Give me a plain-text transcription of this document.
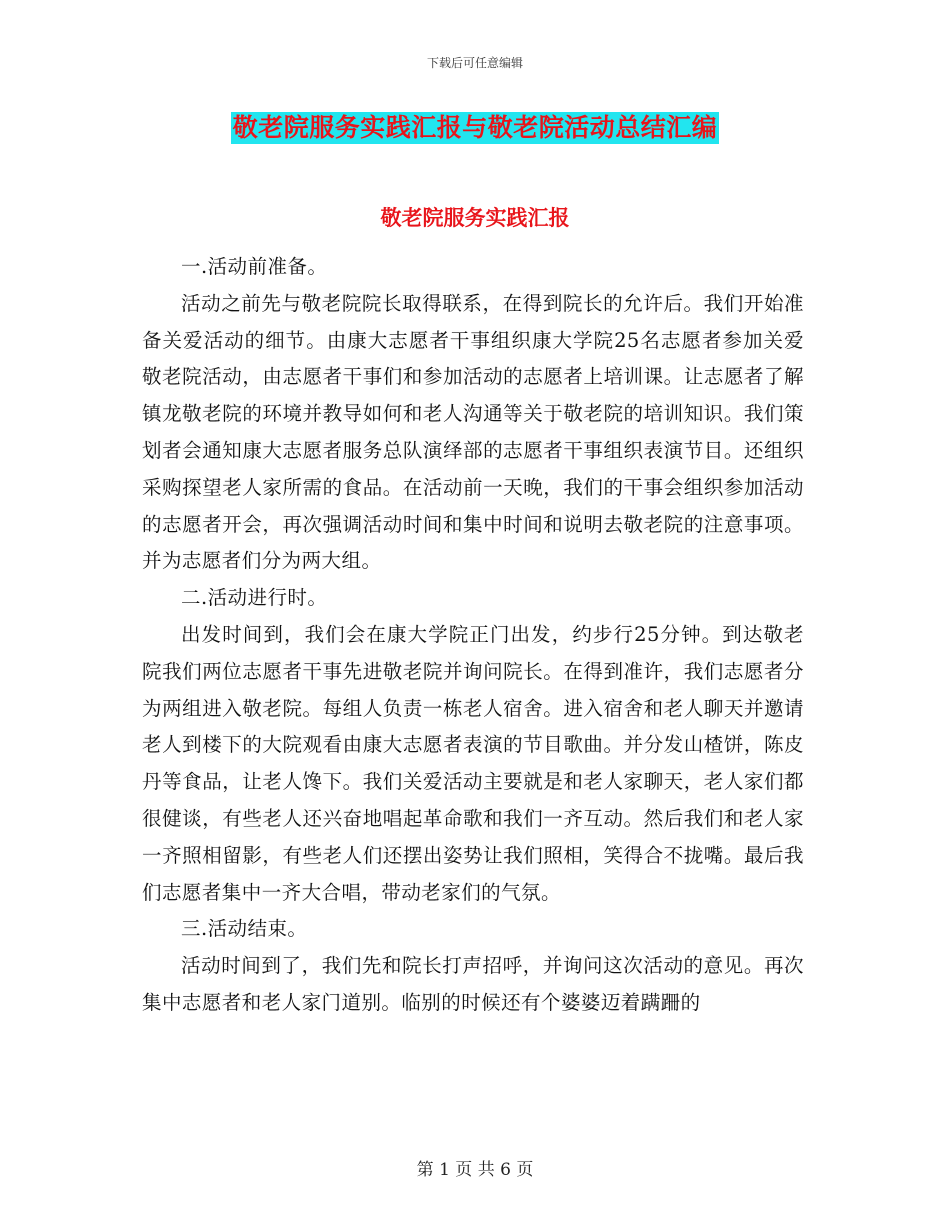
下载后可任意编辑
敬老院服务实践汇报与敬老院活动总结汇编
敬老院服务实践汇报

一.活动前准备。

活动之前先与敬老院院长取得联系，在得到院长的允许后。我们开始准备关爱活动的细节。由康大志愿者干事组织康大学院25名志愿者参加关爱敬老院活动，由志愿者干事们和参加活动的志愿者上培训课。让志愿者了解镇龙敬老院的环境并教导如何和老人沟通等关于敬老院的培训知识。我们策划者会通知康大志愿者服务总队演绎部的志愿者干事组织表演节目。还组织采购探望老人家所需的食品。在活动前一天晚，我们的干事会组织参加活动的志愿者开会，再次强调活动时间和集中时间和说明去敬老院的注意事项。并为志愿者们分为两大组。

二.活动进行时。

出发时间到，我们会在康大学院正门出发，约步行25分钟。到达敬老院我们两位志愿者干事先进敬老院并询问院长。在得到准许，我们志愿者分为两组进入敬老院。每组人负责一栋老人宿舍。进入宿舍和老人聊天并邀请老人到楼下的大院观看由康大志愿者表演的节目歌曲。并分发山楂饼，陈皮丹等食品，让老人馋下。我们关爱活动主要就是和老人家聊天，老人家们都很健谈，有些老人还兴奋地唱起革命歌和我们一齐互动。然后我们和老人家一齐照相留影，有些老人们还摆出姿势让我们照相，笑得合不拢嘴。最后我们志愿者集中一齐大合唱，带动老家们的气氛。

三.活动结束。

活动时间到了，我们先和院长打声招呼，并询问这次活动的意见。再次集中志愿者和老人家门道别。临别的时候还有个婆婆迈着蹒跚的

第 1 页 共 6 页
